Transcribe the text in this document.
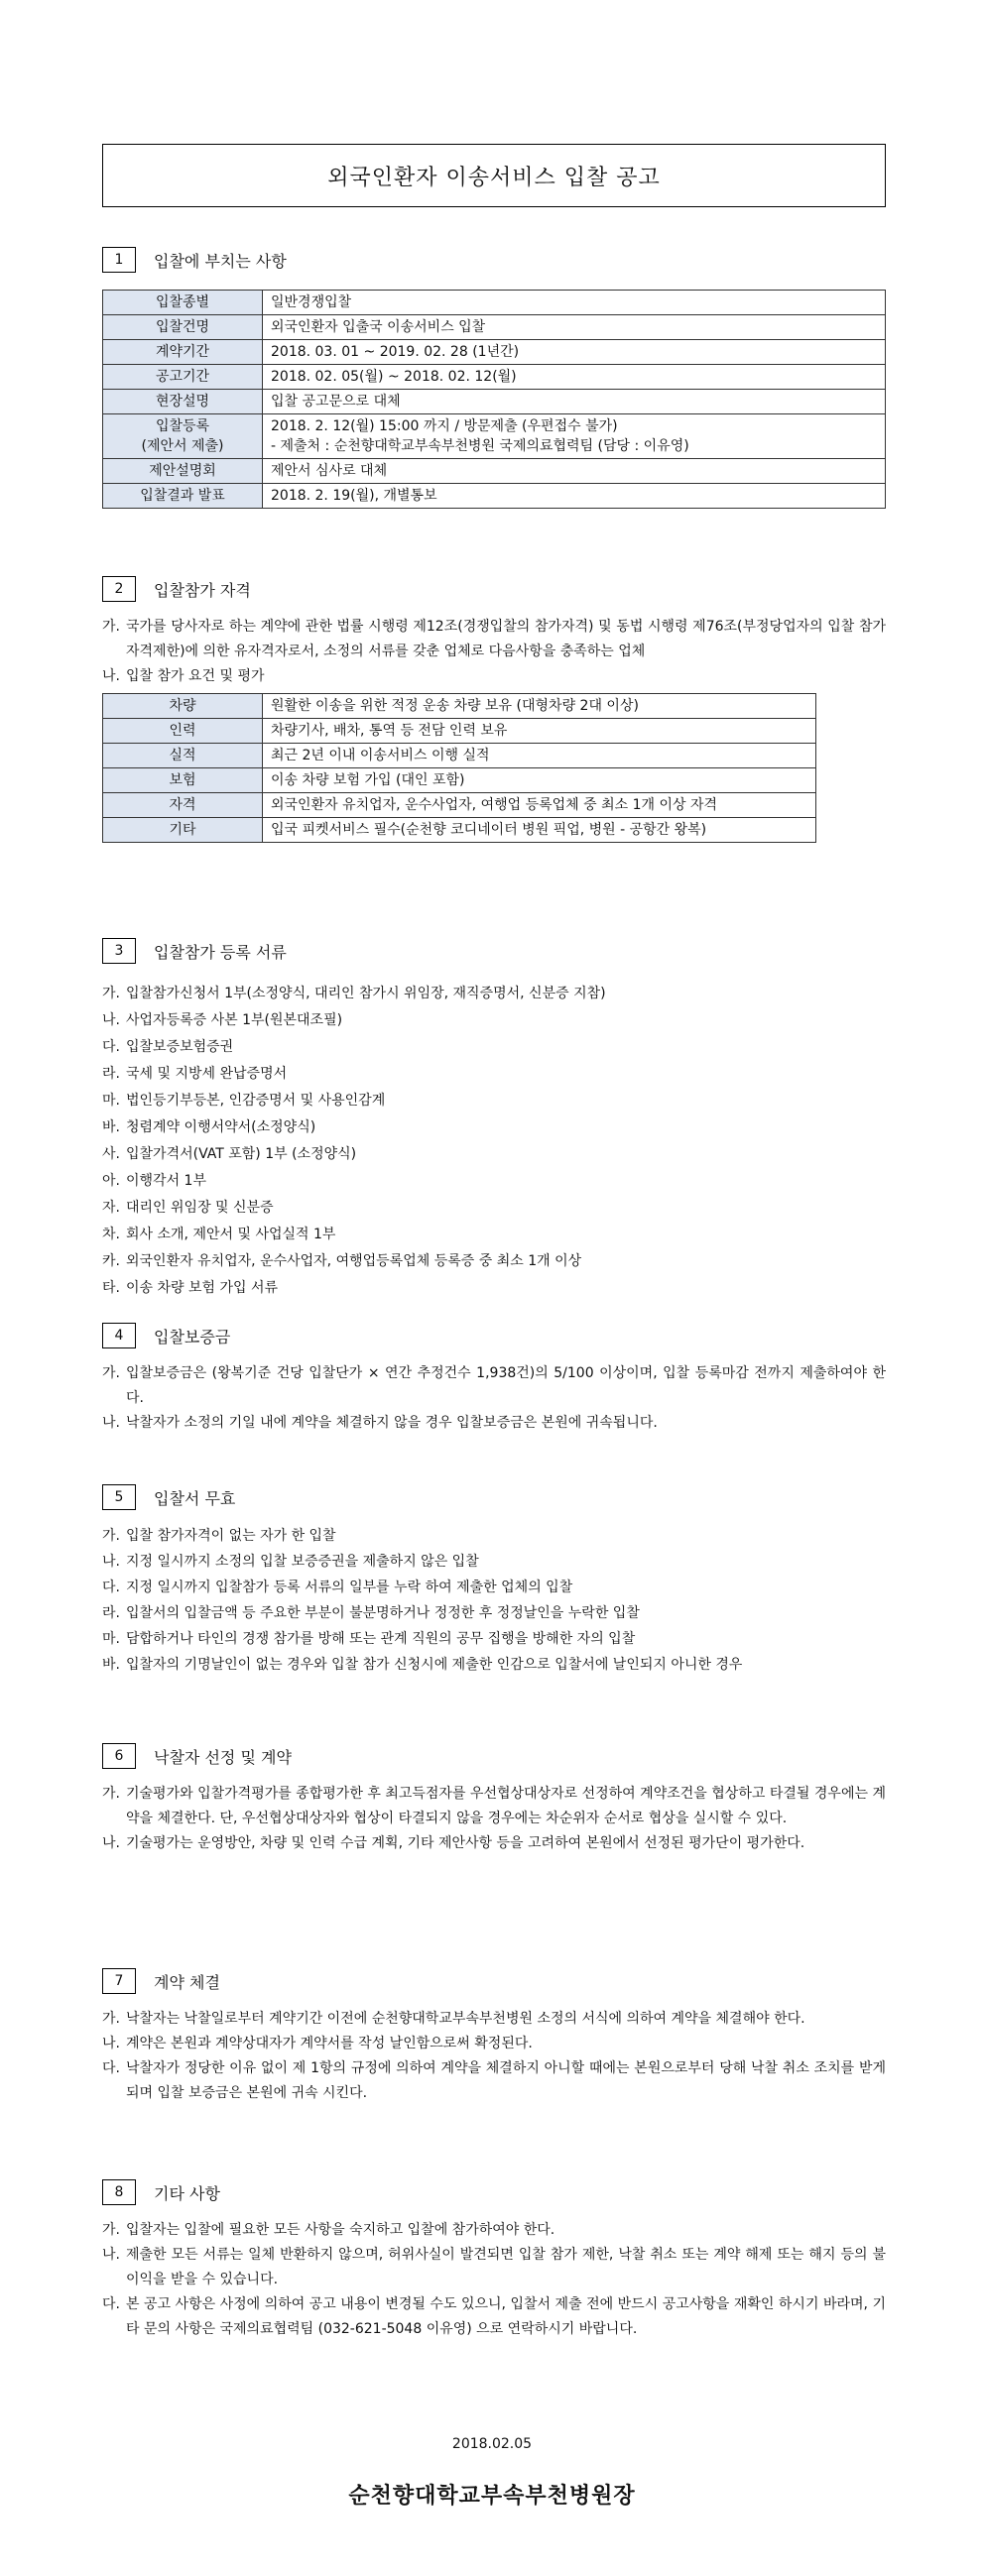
외국인환자 이송서비스 입찰 공고
1	입찰에 부치는 사항
입찰종별	일반경쟁입찰
입찰건명	외국인환자 입출국 이송서비스 입찰
계약기간	2018. 03. 01 ~ 2019. 02. 28 (1년간)
공고기간	2018. 02. 05(월) ~ 2018. 02. 12(월)
현장설명	입찰 공고문으로 대체
입찰등록
(제안서 제출)	2018. 2. 12(월) 15:00 까지 / 방문제출 (우편접수 불가)
- 제출처 : 순천향대학교부속부천병원 국제의료협력팀 (담당 : 이유영)
제안설명회	제안서 심사로 대체
입찰결과 발표	2018. 2. 19(월), 개별통보
2	입찰참가 자격
가. 국가를 당사자로 하는 계약에 관한 법률 시행령 제12조(경쟁입찰의 참가자격) 및 동법 시행령 제76조(부정당업자의 입찰 참가자격제한)에 의한 유자격자로서, 소정의 서류를 갖춘 업체로 다음사항을 충족하는 업체
나. 입찰 참가 요건 및 평가
차량	원활한 이송을 위한 적정 운송 차량 보유 (대형차량 2대 이상)
인력	차량기사, 배차, 통역 등 전담 인력 보유
실적	최근 2년 이내 이송서비스 이행 실적
보험	이송 차량 보험 가입 (대인 포함)
자격	외국인환자 유치업자, 운수사업자, 여행업 등록업체 중 최소 1개 이상 자격
기타	입국 피켓서비스 필수(순천향 코디네이터 병원 픽업, 병원 - 공항간 왕복)
3	입찰참가 등록 서류
가. 입찰참가신청서 1부(소정양식, 대리인 참가시 위임장, 재직증명서, 신분증 지참)
나. 사업자등록증 사본 1부(원본대조필)
다. 입찰보증보험증권
라. 국세 및 지방세 완납증명서
마. 법인등기부등본, 인감증명서 및 사용인감계
바. 청렴계약 이행서약서(소정양식)
사. 입찰가격서(VAT 포함) 1부 (소정양식)
아. 이행각서 1부
자. 대리인 위임장 및 신분증
차. 회사 소개, 제안서 및 사업실적 1부
카. 외국인환자 유치업자, 운수사업자, 여행업등록업체 등록증 중 최소 1개 이상
타. 이송 차량 보험 가입 서류
4	입찰보증금
가. 입찰보증금은 (왕복기준 건당 입찰단가 × 연간 추정건수 1,938건)의 5/100 이상이며, 입찰 등록마감 전까지 제출하여야 한다.
나. 낙찰자가 소정의 기일 내에 계약을 체결하지 않을 경우 입찰보증금은 본원에 귀속됩니다.
5	입찰서 무효
가. 입찰 참가자격이 없는 자가 한 입찰
나. 지정 일시까지 소정의 입찰 보증증권을 제출하지 않은 입찰
다. 지정 일시까지 입찰참가 등록 서류의 일부를 누락 하여 제출한 업체의 입찰
라. 입찰서의 입찰금액 등 주요한 부분이 불분명하거나 정정한 후 정정날인을 누락한 입찰
마. 담합하거나 타인의 경쟁 참가를 방해 또는 관계 직원의 공무 집행을 방해한 자의 입찰
바. 입찰자의 기명날인이 없는 경우와 입찰 참가 신청시에 제출한 인감으로 입찰서에 날인되지 아니한 경우
6	낙찰자 선정 및 계약
가. 기술평가와 입찰가격평가를 종합평가한 후 최고득점자를 우선협상대상자로 선정하여 계약조건을 협상하고 타결될 경우에는 계약을 체결한다. 단, 우선협상대상자와 협상이 타결되지 않을 경우에는 차순위자 순서로 협상을 실시할 수 있다.
나. 기술평가는 운영방안, 차량 및 인력 수급 계획, 기타 제안사항 등을 고려하여 본원에서 선정된 평가단이 평가한다.
7	계약 체결
가. 낙찰자는 낙찰일로부터 계약기간 이전에 순천향대학교부속부천병원 소정의 서식에 의하여 계약을 체결해야 한다.
나. 계약은 본원과 계약상대자가 계약서를 작성 날인함으로써 확정된다.
다. 낙찰자가 정당한 이유 없이 제 1항의 규정에 의하여 계약을 체결하지 아니할 때에는 본원으로부터 당해 낙찰 취소 조치를 받게 되며 입찰 보증금은 본원에 귀속 시킨다.
8	기타 사항
가. 입찰자는 입찰에 필요한 모든 사항을 숙지하고 입찰에 참가하여야 한다.
나. 제출한 모든 서류는 일체 반환하지 않으며, 허위사실이 발견되면 입찰 참가 제한, 낙찰 취소 또는 계약 해제 또는 해지 등의 불이익을 받을 수 있습니다.
다. 본 공고 사항은 사정에 의하여 공고 내용이 변경될 수도 있으니, 입찰서 제출 전에 반드시 공고사항을 재확인 하시기 바라며, 기타 문의 사항은 국제의료협력팀 (032-621-5048 이유영) 으로 연락하시기 바랍니다.
2018.02.05
순천향대학교부속부천병원장
